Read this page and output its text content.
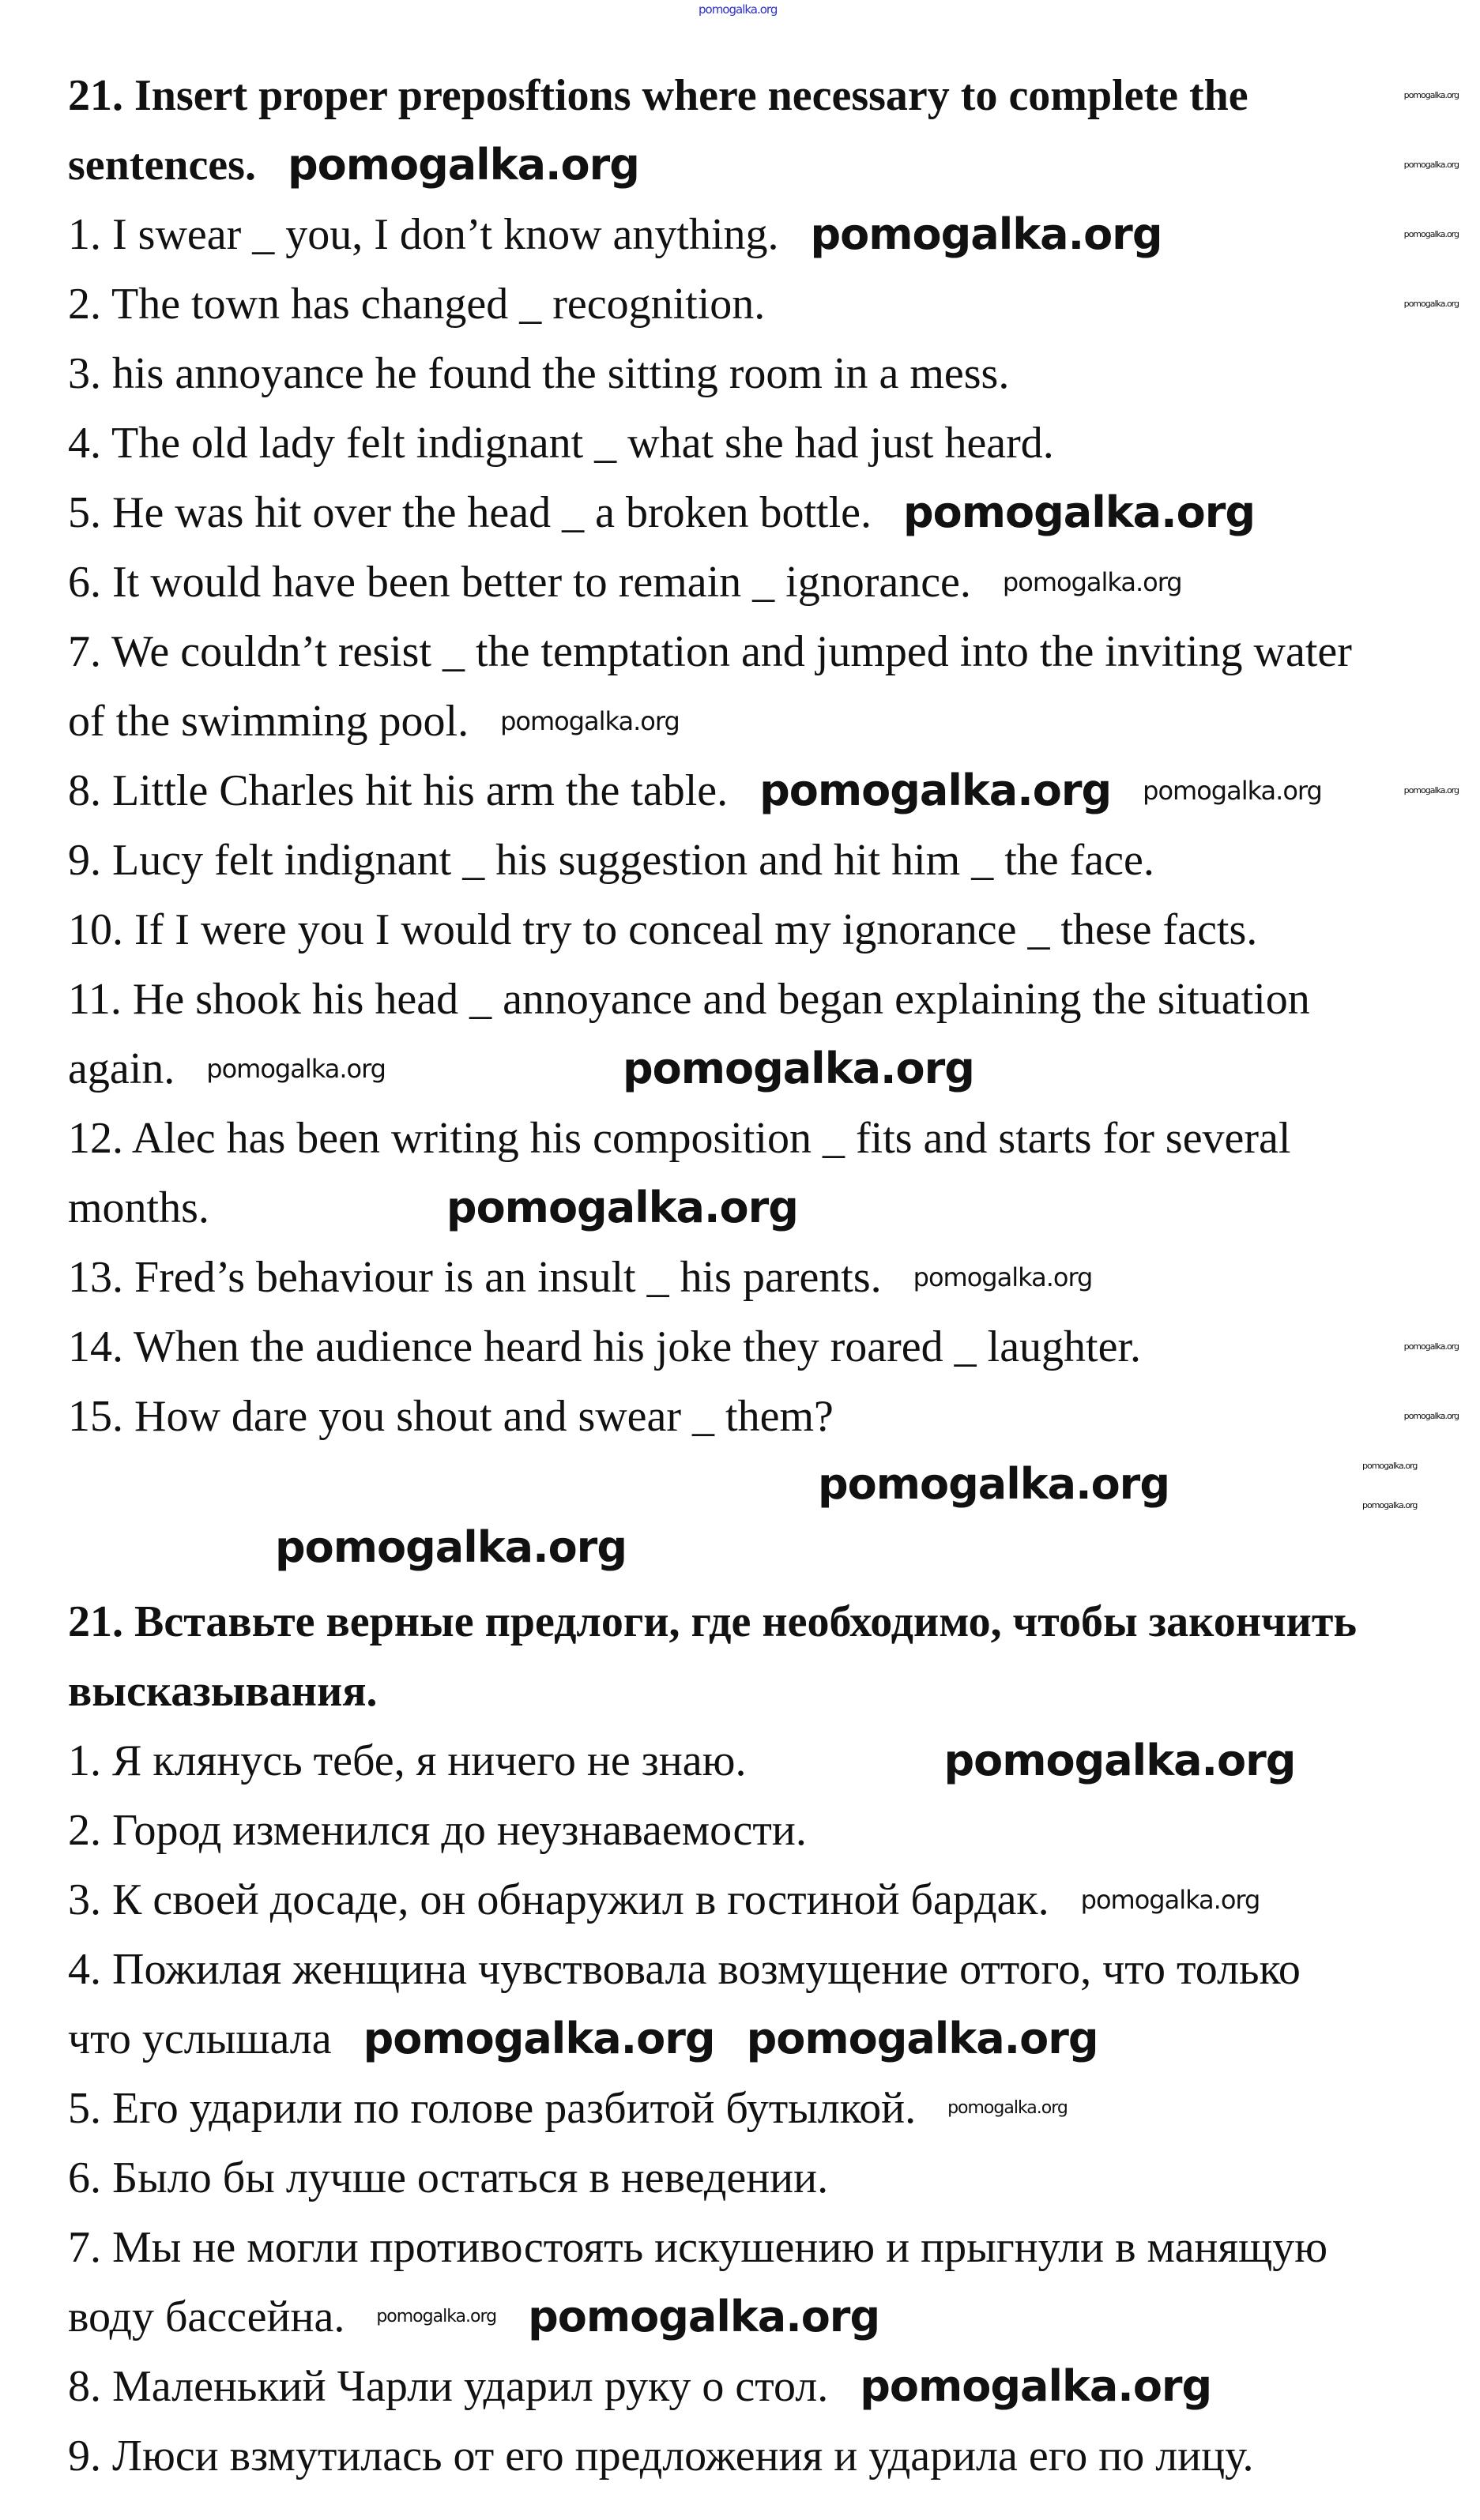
pomogalka.org
21. Insert proper preposftions where necessary to complete the	pomogalka.org
sentences. pomogalka.org	pomogalka.org
1. I swear _ you, I don’t know anything. pomogalka.org	pomogalka.org
2. The town has changed _ recognition.	pomogalka.org
3. his annoyance he found the sitting room in a mess.
4. The old lady felt indignant _ what she had just heard.
5. He was hit over the head _ a broken bottle. pomogalka.org
6. It would have been better to remain _ ignorance. pomogalka.org
7. We couldn’t resist _ the temptation and jumped into the inviting water
of the swimming pool. pomogalka.org
8. Little Charles hit his arm the table. pomogalka.org pomogalka.org	pomogalka.org
9. Lucy felt indignant _ his suggestion and hit him _ the face.
10. If I were you I would try to conceal my ignorance _ these facts.
11. He shook his head _ annoyance and began explaining the situation
again. pomogalka.org	pomogalka.org
12. Alec has been writing his composition _ fits and starts for several
months.	pomogalka.org
13. Fred’s behaviour is an insult _ his parents. pomogalka.org
14. When the audience heard his joke they roared _ laughter.	pomogalka.org
15. How dare you shout and swear _ them?	pomogalka.org
21. Вставьте верные предлоги, где необходимо, чтобы закончить
высказывания.
1. Я клянусь тебе, я ничего не знаю.	pomogalka.org
2. Город изменился до неузнаваемости.
3. К своей досаде, он обнаружил в гостиной бардак. pomogalka.org
4. Пожилая женщина чувствовала возмущение оттого, что только
что услышала pomogalka.org pomogalka.org
5. Его ударили по голове разбитой бутылкой. pomogalka.org
6. Было бы лучше остаться в неведении.
7. Мы не могли противостоять искушению и прыгнули в манящую
воду бассейна. pomogalka.org pomogalka.org
8. Маленький Чарли ударил руку о стол. pomogalka.org
9. Люси взмутилась от его предложения и ударила его по лицу.
pomogalka.org
pomogalka.org
pomogalka.org
pomogalka.org
